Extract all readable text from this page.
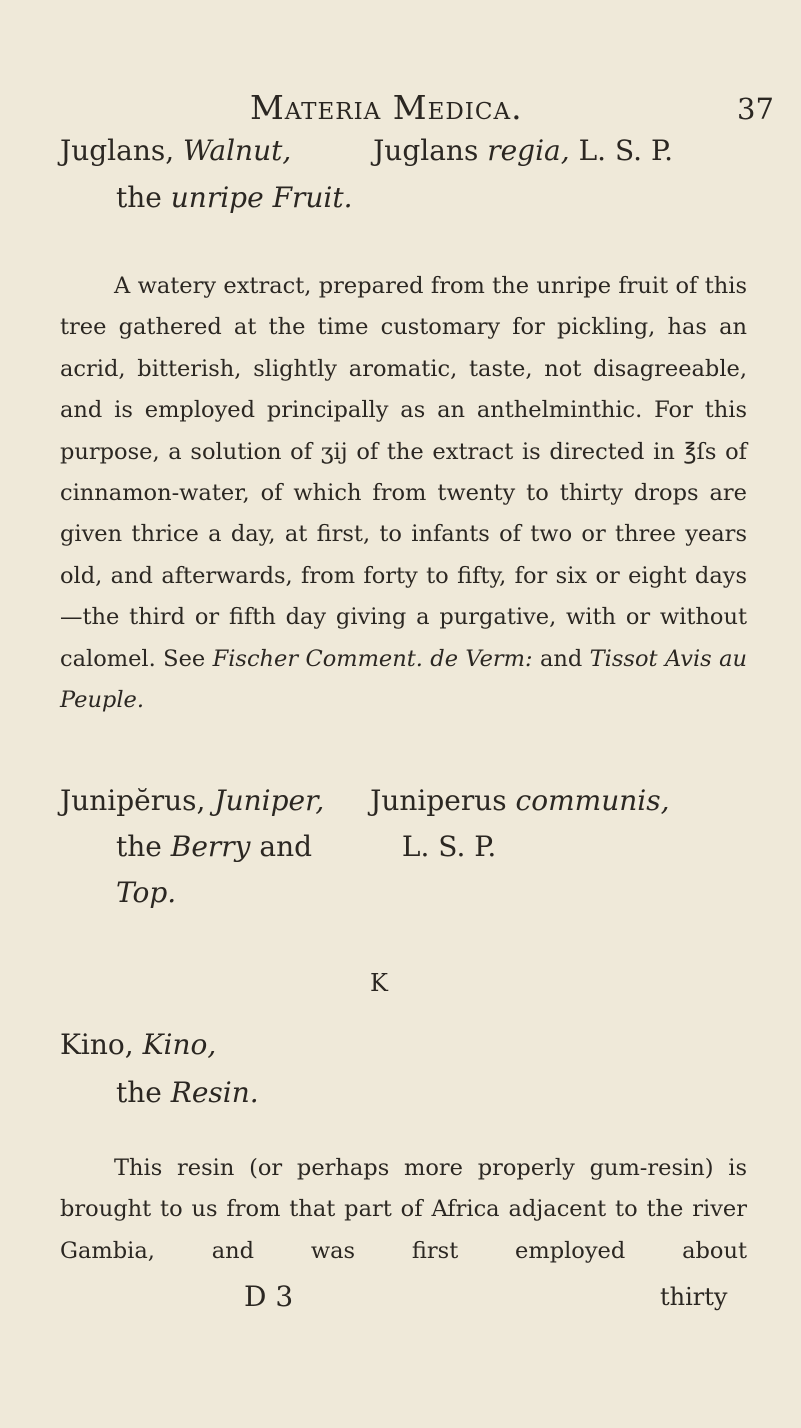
Materia Medica.	37
Juglans, Walnut,	Juglans regia, L. S. P.
the unripe Fruit.
A watery extract, prepared from the unripe fruit of this tree gathered at the time customary for pickling, has an acrid, bitterish, slightly aromatic, taste, not disagreeable, and is employed principally as an anthelminthic. For this purpose, a solution of ʒij of the extract is directed in ℥ſs of cinnamon-water, of which from twenty to thirty drops are given thrice a day, at first, to infants of two or three years old, and afterwards, from forty to fifty, for six or eight days—the third or fifth day giving a purgative, with or without calomel. See Fischer Comment. de Verm: and Tissot Avis au Peuple.
Junipĕrus, Juniper, Juniperus communis,
the Berry and	L. S. P.
Top.
K
Kino, Kino,
the Resin.
This resin (or perhaps more properly gum-resin) is brought to us from that part of Africa adjacent to the river Gambia, and was first employed about
D 3	thirty
